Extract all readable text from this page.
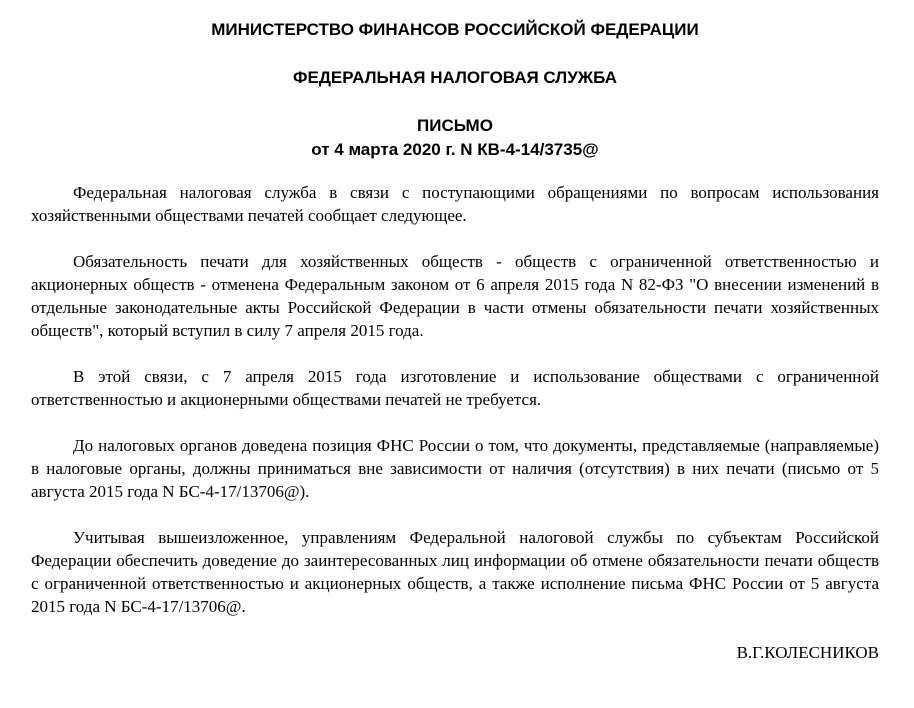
МИНИСТЕРСТВО ФИНАНСОВ РОССИЙСКОЙ ФЕДЕРАЦИИ
ФЕДЕРАЛЬНАЯ НАЛОГОВАЯ СЛУЖБА
ПИСЬМО
от 4 марта 2020 г. N КВ-4-14/3735@

Федеральная налоговая служба в связи с поступающими обращениями по вопросам использования хозяйственными обществами печатей сообщает следующее.

Обязательность печати для хозяйственных обществ - обществ с ограниченной ответственностью и акционерных обществ - отменена Федеральным законом от 6 апреля 2015 года N 82-ФЗ "О внесении изменений в отдельные законодательные акты Российской Федерации в части отмены обязательности печати хозяйственных обществ", который вступил в силу 7 апреля 2015 года.

В этой связи, с 7 апреля 2015 года изготовление и использование обществами с ограниченной ответственностью и акционерными обществами печатей не требуется.

До налоговых органов доведена позиция ФНС России о том, что документы, представляемые (направляемые) в налоговые органы, должны приниматься вне зависимости от наличия (отсутствия) в них печати (письмо от 5 августа 2015 года N БС-4-17/13706@).

Учитывая вышеизложенное, управлениям Федеральной налоговой службы по субъектам Российской Федерации обеспечить доведение до заинтересованных лиц информации об отмене обязательности печати обществ с ограниченной ответственностью и акционерных обществ, а также исполнение письма ФНС России от 5 августа 2015 года N БС-4-17/13706@.

В.Г.КОЛЕСНИКОВ
